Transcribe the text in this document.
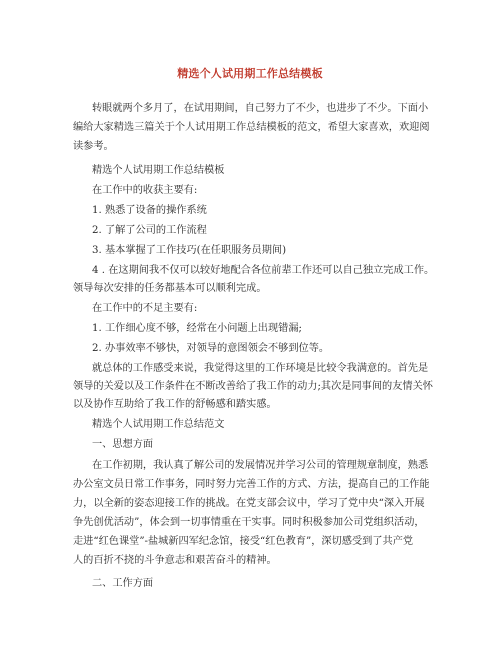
精选个人试用期工作总结模板
转眼就两个多月了，在试用期间，自己努力了不少，也进步了不少。下面小
编给大家精选三篇关于个人试用期工作总结模板的范文，希望大家喜欢，欢迎阅
读参考。
精选个人试用期工作总结模板
在工作中的收获主要有:
1. 熟悉了设备的操作系统
2. 了解了公司的工作流程
3. 基本掌握了工作技巧(在任职服务员期间)
4 . 在这期间我不仅可以较好地配合各位前辈工作还可以自己独立完成工作。
领导每次安排的任务都基本可以顺利完成。
在工作中的不足主要有:
1. 工作细心度不够，经常在小问题上出现错漏;
2. 办事效率不够快，对领导的意图领会不够到位等。
就总体的工作感受来说，我觉得这里的工作环境是比较令我满意的。首先是
领导的关爱以及工作条件在不断改善给了我工作的动力;其次是同事间的友情关怀
以及协作互助给了我工作的舒畅感和踏实感。
精选个人试用期工作总结范文
一、思想方面
在工作初期，我认真了解公司的发展情况并学习公司的管理规章制度，熟悉
办公室文员日常工作事务，同时努力完善工作的方式、方法，提高自己的工作能
力，以全新的姿态迎接工作的挑战。在党支部会议中，学习了党中央“深入开展
争先创优活动”，体会到一切事情重在干实事。同时积极参加公司党组织活动，
走进“红色课堂”-盐城新四军纪念馆，接受“红色教育”，深切感受到了共产党
人的百折不挠的斗争意志和艰苦奋斗的精神。
二、工作方面
